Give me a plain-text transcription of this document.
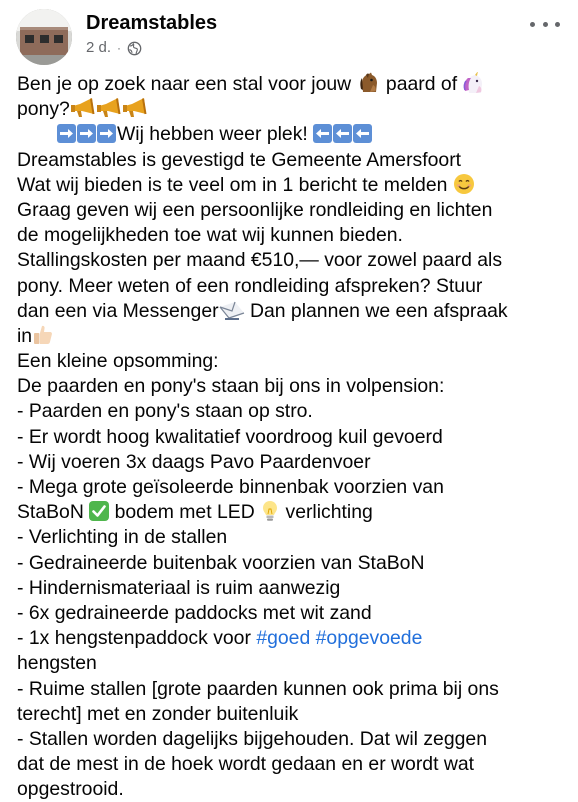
Dreamstables
2 d. ·
Ben je op zoek naar een stal voor jouw  paard of
pony?
Wij hebben weer plek!
Dreamstables is gevestigd te Gemeente Amersfoort
Wat wij bieden is te veel om in 1 bericht te melden
Graag geven wij een persoonlijke rondleiding en lichten
de mogelijkheden toe wat wij kunnen bieden.
Stallingskosten per maand €510,— voor zowel paard als
pony. Meer weten of een rondleiding afspreken? Stuur
dan een via Messenger Dan plannen we een afspraak
in
Een kleine opsomming:
De paarden en pony's staan bij ons in volpension:
- Paarden en pony's staan op stro.
- Er wordt hoog kwalitatief voordroog kuil gevoerd
- Wij voeren 3x daags Pavo Paardenvoer
- Mega grote geïsoleerde binnenbak voorzien van
StaBoN
bodem met LED  verlichting
- Verlichting in de stallen
- Gedraineerde buitenbak voorzien van StaBoN
- Hindernismateriaal is ruim aanwezig
- 6x gedraineerde paddocks met wit zand
- 1x hengstenpaddock voor #goed #opgevoede
hengsten
- Ruime stallen [grote paarden kunnen ook prima bij ons
terecht] met en zonder buitenluik
- Stallen worden dagelijks bijgehouden. Dat wil zeggen
dat de mest in de hoek wordt gedaan en er wordt wat
opgestrooid.
